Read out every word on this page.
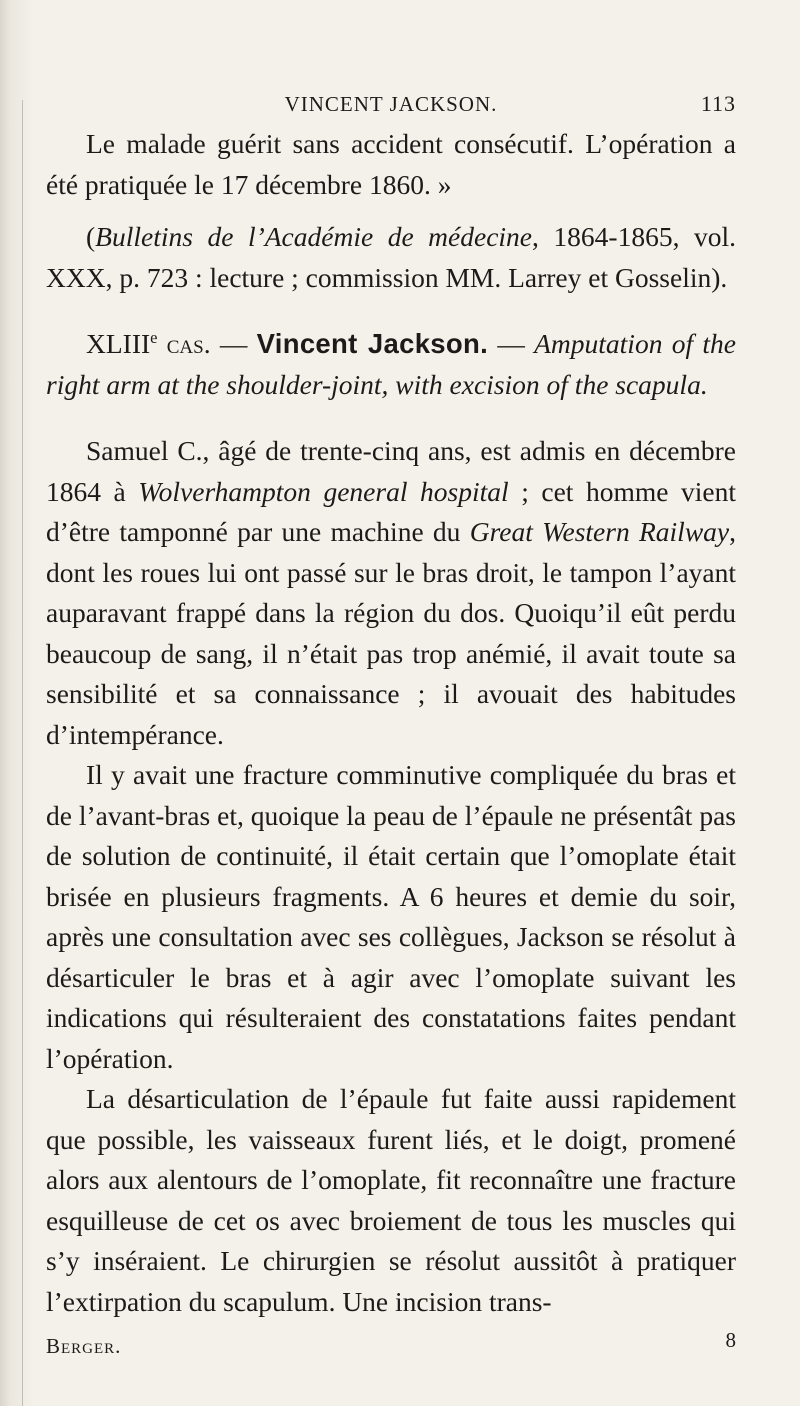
VINCENT JACKSON.	113

Le malade guérit sans accident consécutif. L’opération a été pratiquée le 17 décembre 1860. »

(Bulletins de l’Académie de médecine, 1864-1865, vol. XXX, p. 723 : lecture ; commission MM. Larrey et Gosselin).

XLIIIe cas. — Vincent Jackson. — Amputation of the right arm at the shoulder-joint, with excision of the scapula.

Samuel C., âgé de trente-cinq ans, est admis en décembre 1864 à Wolverhampton general hospital ; cet homme vient d’être tamponné par une machine du Great Western Railway, dont les roues lui ont passé sur le bras droit, le tampon l’ayant auparavant frappé dans la région du dos. Quoiqu’il eût perdu beaucoup de sang, il n’était pas trop anémié, il avait toute sa sensibilité et sa connaissance ; il avouait des habitudes d’intempérance.

Il y avait une fracture comminutive compliquée du bras et de l’avant-bras et, quoique la peau de l’épaule ne présentât pas de solution de continuité, il était certain que l’omoplate était brisée en plusieurs fragments. A 6 heures et demie du soir, après une consultation avec ses collègues, Jackson se résolut à désarticuler le bras et à agir avec l’omoplate suivant les indications qui résulteraient des constatations faites pendant l’opération.

La désarticulation de l’épaule fut faite aussi rapidement que possible, les vaisseaux furent liés, et le doigt, promené alors aux alentours de l’omoplate, fit reconnaître une fracture esquilleuse de cet os avec broiement de tous les muscles qui s’y inséraient. Le chirurgien se résolut aussitôt à pratiquer l’extirpation du scapulum. Une incision trans-

Berger.	8
